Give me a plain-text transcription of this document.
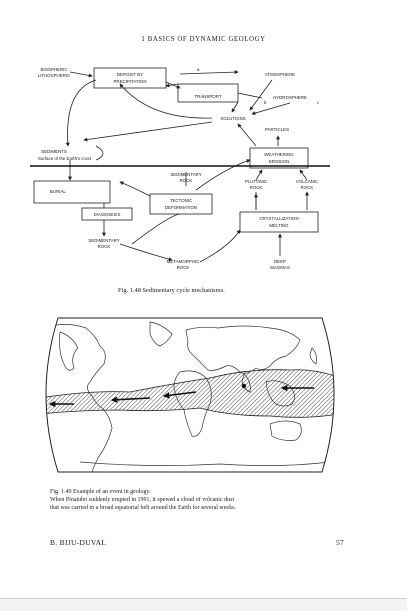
1 BASICS OF DYNAMIC GEOLOGY
BIOSPHERIC
LITHOSPHERIC	DEPOSIT BY
PRECIPITATION
TRANSPORT
ATMOSPHERE
HYDROSPHERE
a
b	c
SOLUTIONS
PARTICLES
SEDIMENTS
Surface of the Earth's crust
WEATHERING
EROSION
BURIAL
DIAGENESIS
SEDIMENTARY
ROCK
TECTONIC
DEFORMATION
PLUTONIC
ROCK
VOLCANIC
ROCK
CRYSTALLIZATION
MELTING
SEDIMENTARY
ROCK
METAMORPHIC
ROCK
DEEP
MAGMAS
Fig. 1.48 Sedimentary cycle mechanisms.
Fig. 1.49 Example of an event in geology.
When Pinatubo suddenly erupted in 1991, it spewed a cloud of volcanic dust
that was carried in a broad equatorial belt around the Earth for several weeks.
B. BIJU-DUVAL	57
